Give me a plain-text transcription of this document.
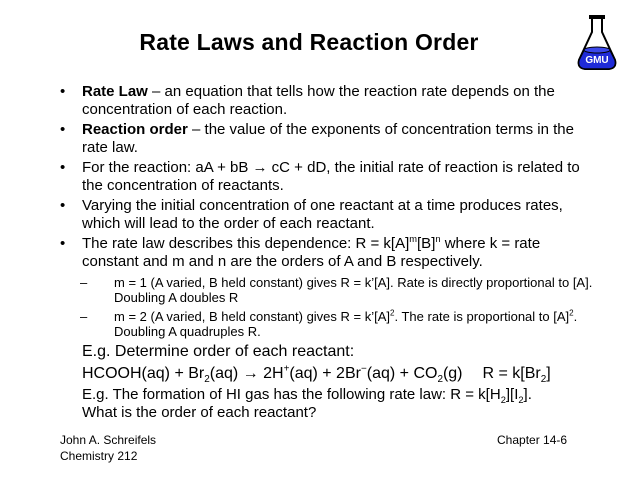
Rate Laws and Reaction Order
GMU
• Rate Law – an equation that tells how the reaction rate depends on the concentration of each reaction.
• Reaction order – the value of the exponents of concentration terms in the rate law.
• For the reaction: aA + bB → cC + dD, the initial rate of reaction is related to the concentration of reactants.
• Varying the initial concentration of one reactant at a time produces rates, which will lead to the order of each reactant.
• The rate law describes this dependence: $R = k[A]^m[B]^n$ where k = rate constant and m and n are the orders of A and B respectively.
– m = 1 (A varied, B held constant) gives R = k’[A]. Rate is directly proportional to [A]. Doubling A doubles R
– m = 2 (A varied, B held constant) gives $R = k’[A]^2$. The rate is proportional to $[A]^2$. Doubling A quadruples R.
E.g. Determine order of each reactant:
HCOOH(aq) + $Br_2(aq) \to 2H^+(aq) + 2Br^-(aq) + CO_2(g) R = k[Br_2]$
E.g. The formation of HI gas has the following rate law: $R = k[H_2][I_2]$.
What is the order of each reactant?
John A. Schreifels
Chemistry 212
Chapter 14-6
